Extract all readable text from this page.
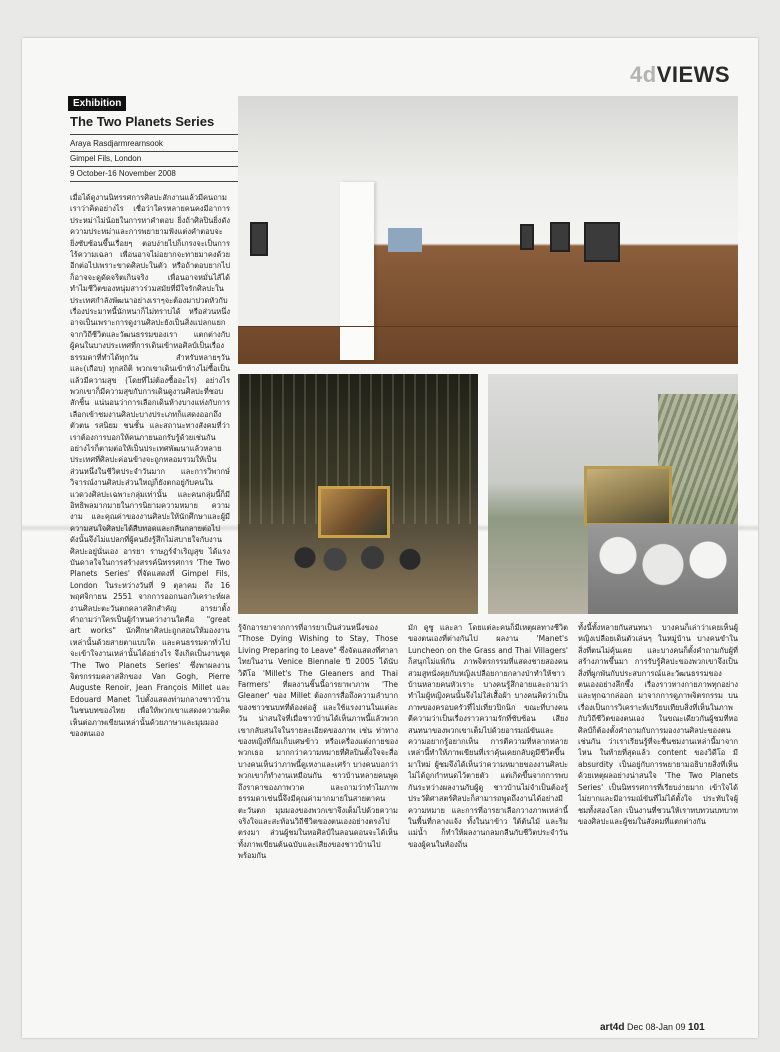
4dVIEWS
Exhibition
The Two Planets Series
Araya Rasdjarmrearnsook
Gimpel Fils, London
9 October-16 November 2008

เมื่อได้ดูงานนิทรรศการศิลปะสักงานแล้วมีคนถามเราว่าคิดอย่างไร เชื่อว่าใครหลายคนคงมีอาการประหม่าไม่น้อยในการหาคำตอบ ยิ่งถ้าศิลปินยิ่งดัง ความประหม่าและการพยายามฟังแต่งคำตอบจะยิ่งซับซ้อนขึ้นเรื่อยๆ ตอบง่ายไปก็เกรงจะเป็นการไร้ความเฉลา เพื่อนอาจไม่อยากจะทายมาคงด้วยอีกต่อไปเพราะขาดศิลปะในตัว หรือถ้าตอบยากไปก็อาจจะดูดัดจริตเกินจริง เพื่อนอาจหมั่นไส้ได้ ทำไมชีวิตของหนุ่มสาวร่วมสมัยที่มีใจรักศิลปะในประเทศกำลังพัฒนาอย่างเราๆจะต้องมาปวดหัวกับเรื่องประมาทนี้นักหนาก็ไม่ทราบได้ หรือส่วนหนึ่งอาจเป็นเพราะการดูงานศิลปะยังเป็นสิ่งแปลกแยกจากวิถีชีวิตและวัฒนธรรมของเรา แตกต่างกับผู้คนในบางประเทศที่การเดินเข้าหอศิลป์เป็นเรื่องธรรมดาที่ทำได้ทุกวัน สำหรับหลายๆวันและ(เกือบ) ทุกสถิติ พวกเขาเดินเข้าห้างไม่ซื้อเป็นแล้วมีความสุข (โดยที่ไม่ต้องซื้ออะไร) อย่างไรพวกเขาก็มีความสุขกับการเดินดูงานศิลปะที่ชอบสักชิ้น แน่นอนว่าการเลือกเดินห้างบางแห่งกับการเลือกเข้าชมงานศิลปะบางประเภทก็แสดงออกถึงตัวตน รสนิยม ชนชั้น และสถานะทางสังคมที่ว่าเราต้องการบอกให้คนภายนอกรับรู้ด้วยเช่นกัน อย่างไรก็ตามต่อให้เป็นประเทศพัฒนาแล้วหลายประเทศที่ศิลปะค่อนข้างจะถูกหลอมรวมให้เป็นส่วนหนึ่งในชีวิตประจำวันมาก และการวิพากษ์วิจารณ์งานศิลปะส่วนใหญ่ก็ยังตกอยู่กับคนในแวดวงศิลปะเฉพาะกลุ่มเท่านั้น และคนกลุ่มนี้ก็มีอิทธิพลมากมายในการนิยามความหมาย ความงาม และคุณค่าของงานศิลปะให้นักศึกษาและผู้มีความสนใจศิลปะได้สืบทอดและกลืนกลายต่อไป ดังนั้นจึงไม่แปลกที่ผู้คนยังรู้สึกไม่สบายใจกับงานศิลปะอยู่นั่นเอง อารยา ราษฎร์จำเริญสุข ได้แรงบันดาลใจในการสร้างสรรค์นิทรรศการ 'The Two Planets Series' ที่จัดแสดงที่ Gimpel Fils, London ในระหว่างวันที่ 9 ตุลาคม ถึง 16 พฤศจิกายน 2551 จากการออกนอกวิเคราะห์ผลงานศิลปะตะวันตกคลาสสิกสำคัญ อารยาตั้งคำถามว่าใครเป็นผู้กำหนดว่างานใดคือ "great art works" นักศึกษาศิลปะถูกสอนให้มองงานเหล่านั้นด้วยสายตาแบบใด และคนธรรมดาทั่วไปจะเข้าใจงานเหล่านั้นได้อย่างไร จึงเกิดเป็นงานชุด 'The Two Planets Series' ซึ่งพาผลงานจิตรกรรมคลาสสิกของ Van Gogh, Pierre Auguste Renoir, Jean François Millet และ Edouard Manet ไปตั้งแสดงท่ามกลางชาวบ้านในชนบทของไทย เพื่อให้พวกเขาแสดงความคิดเห็นต่อภาพเขียนเหล่านั้นด้วยภาษาและมุมมองของตนเอง

รู้จักอารยาจากการที่อารยาเป็นส่วนหนึ่งของ "Those Dying Wishing to Stay, Those Living Preparing to Leave" ซึ่งจัดแสดงที่ศาลาไทยในงาน Venice Biennale ปี 2005 ได้นับวิดีโอ 'Millet's The Gleaners and Thai Farmers' ที่ผลงานชิ้นนี้อารยาพาภาพ 'The Gleaner' ของ Millet ต้องการสื่อถึงความลำบากของชาวชนบทที่ต้องต่อสู้ และใช้แรงงานในแต่ละวัน น่าสนใจที่เมื่อชาวบ้านได้เห็นภาพนี้แล้วพวกเขากลับสนใจในรายละเอียดของภาพ เช่น ท่าทางของหญิงที่ก้มเก็บเศษข้าว หรือเครื่องแต่งกายของพวกเธอ มากกว่าความหมายที่ศิลปินตั้งใจจะสื่อ บางคนเห็นว่าภาพนี้ดูเหงาและเศร้า บางคนบอกว่าพวกเขาก็ทำงานเหมือนกัน ชาวบ้านหลายคนพูดถึงราคาของภาพวาด และถามว่าทำไมภาพธรรมดาเช่นนี้จึงมีคุณค่ามากมายในสายตาคนตะวันตก มุมมองของพวกเขาจึงเต็มไปด้วยความจริงใจและสะท้อนวิถีชีวิตของตนเองอย่างตรงไปตรงมา ส่วนผู้ชมในหอศิลป์ในลอนดอนจะได้เห็นทั้งภาพเขียนต้นฉบับและเสียงของชาวบ้านไปพร้อมกัน

มัก ดูซู และลา โดยแต่ละคนก็มีเหตุผลทางชีวิตของตนเองที่ต่างกันไป ผลงาน 'Manet's Luncheon on the Grass and Thai Villagers' ก็สนุกไม่แพ้กัน ภาพจิตรกรรมที่แสดงชายสองคนสวมสูทนั่งคุยกับหญิงเปลือยกายกลางป่าทำให้ชาวบ้านหลายคนหัวเราะ บางคนรู้สึกอายและถามว่าทำไมผู้หญิงคนนั้นจึงไม่ใส่เสื้อผ้า บางคนคิดว่าเป็นภาพของครอบครัวที่ไปเที่ยวปิกนิก ขณะที่บางคนตีความว่าเป็นเรื่องราวความรักที่ซับซ้อน เสียงสนทนาของพวกเขาเต็มไปด้วยอารมณ์ขันและความอยากรู้อยากเห็น การตีความที่หลากหลายเหล่านี้ทำให้ภาพเขียนที่เราคุ้นเคยกลับดูมีชีวิตขึ้นมาใหม่ ผู้ชมจึงได้เห็นว่าความหมายของงานศิลปะไม่ได้ถูกกำหนดไว้ตายตัว แต่เกิดขึ้นจากการพบกันระหว่างผลงานกับผู้ดู ชาวบ้านไม่จำเป็นต้องรู้ประวัติศาสตร์ศิลปะก็สามารถพูดถึงงานได้อย่างมีความหมาย และการที่อารยาเลือกวางภาพเหล่านี้ในพื้นที่กลางแจ้ง ทั้งในนาข้าว ใต้ต้นไม้ และริมแม่น้ำ ก็ทำให้ผลงานกลมกลืนกับชีวิตประจำวันของผู้คนในท้องถิ่น

ทั้งนี้ทั้งหลายกันสนทนา บางคนก็เล่าว่าเคยเห็นผู้หญิงเปลือยเดินตัวเล่นๆ ในหมู่บ้าน บางคนขำในสิ่งที่ตนไม่คุ้นเคย และบางคนก็ตั้งคำถามกับผู้ที่สร้างภาพขึ้นมา การรับรู้ศิลปะของพวกเขาจึงเป็นสิ่งที่ผูกพันกับประสบการณ์และวัฒนธรรมของตนเองอย่างลึกซึ้ง เรื่องราวทางกายภาพทุกอย่างและทุกฉากล่ออก มาจากการดูภาพจิตรกรรม บนเรื่องเป็นการวิเคราะห์เปรียบเทียบสิ่งที่เห็นในภาพกับวิถีชีวิตของตนเอง ในขณะเดียวกันผู้ชมที่หอศิลป์ก็ต้องตั้งคำถามกับการมองงานศิลปะของตนเช่นกัน ว่าเราเรียนรู้ที่จะชื่นชมงานเหล่านี้มาจากไหน ในท้ายที่สุดแล้ว content ของวิดีโอ มี absurdity เป็นอยู่กับการพยายามอธิบายสิ่งที่เห็นด้วยเหตุผลอย่างน่าสนใจ 'The Two Planets Series' เป็นนิทรรศการที่เรียบง่ายมาก เข้าใจได้ไม่ยากและมีอารมณ์ขันที่ไม่ได้ตั้งใจ ประทับใจผู้ชมทั้งสองโลก เป็นงานที่ชวนให้เราทบทวนบทบาทของศิลปะและผู้ชมในสังคมที่แตกต่างกัน

art4d Dec 08-Jan 09 101
